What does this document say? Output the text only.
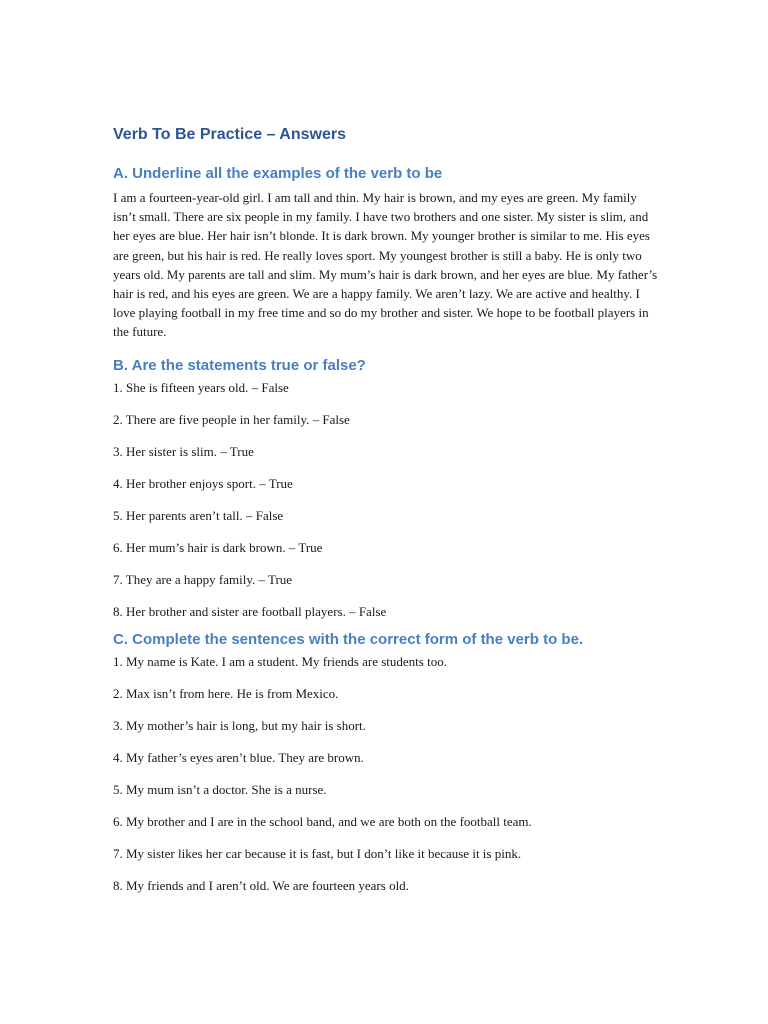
Verb To Be Practice – Answers
A. Underline all the examples of the verb to be

I am a fourteen-year-old girl. I am tall and thin. My hair is brown, and my eyes are green. My family isn’t small. There are six people in my family. I have two brothers and one sister. My sister is slim, and her eyes are blue. Her hair isn’t blonde. It is dark brown. My younger brother is similar to me. His eyes are green, but his hair is red. He really loves sport. My youngest brother is still a baby. He is only two years old. My parents are tall and slim. My mum’s hair is dark brown, and her eyes are blue. My father’s hair is red, and his eyes are green. We are a happy family. We aren’t lazy. We are active and healthy. I love playing football in my free time and so do my brother and sister. We hope to be football players in the future.

B. Are the statements true or false?
1. She is fifteen years old. – False
2. There are five people in her family. – False
3. Her sister is slim. – True
4. Her brother enjoys sport. – True
5. Her parents aren’t tall. – False
6. Her mum’s hair is dark brown. – True
7. They are a happy family. – True
8. Her brother and sister are football players. – False
C. Complete the sentences with the correct form of the verb to be.
1. My name is Kate. I am a student. My friends are students too.
2. Max isn’t from here. He is from Mexico.
3. My mother’s hair is long, but my hair is short.
4. My father’s eyes aren’t blue. They are brown.
5. My mum isn’t a doctor. She is a nurse.
6. My brother and I are in the school band, and we are both on the football team.
7. My sister likes her car because it is fast, but I don’t like it because it is pink.
8. My friends and I aren’t old. We are fourteen years old.
